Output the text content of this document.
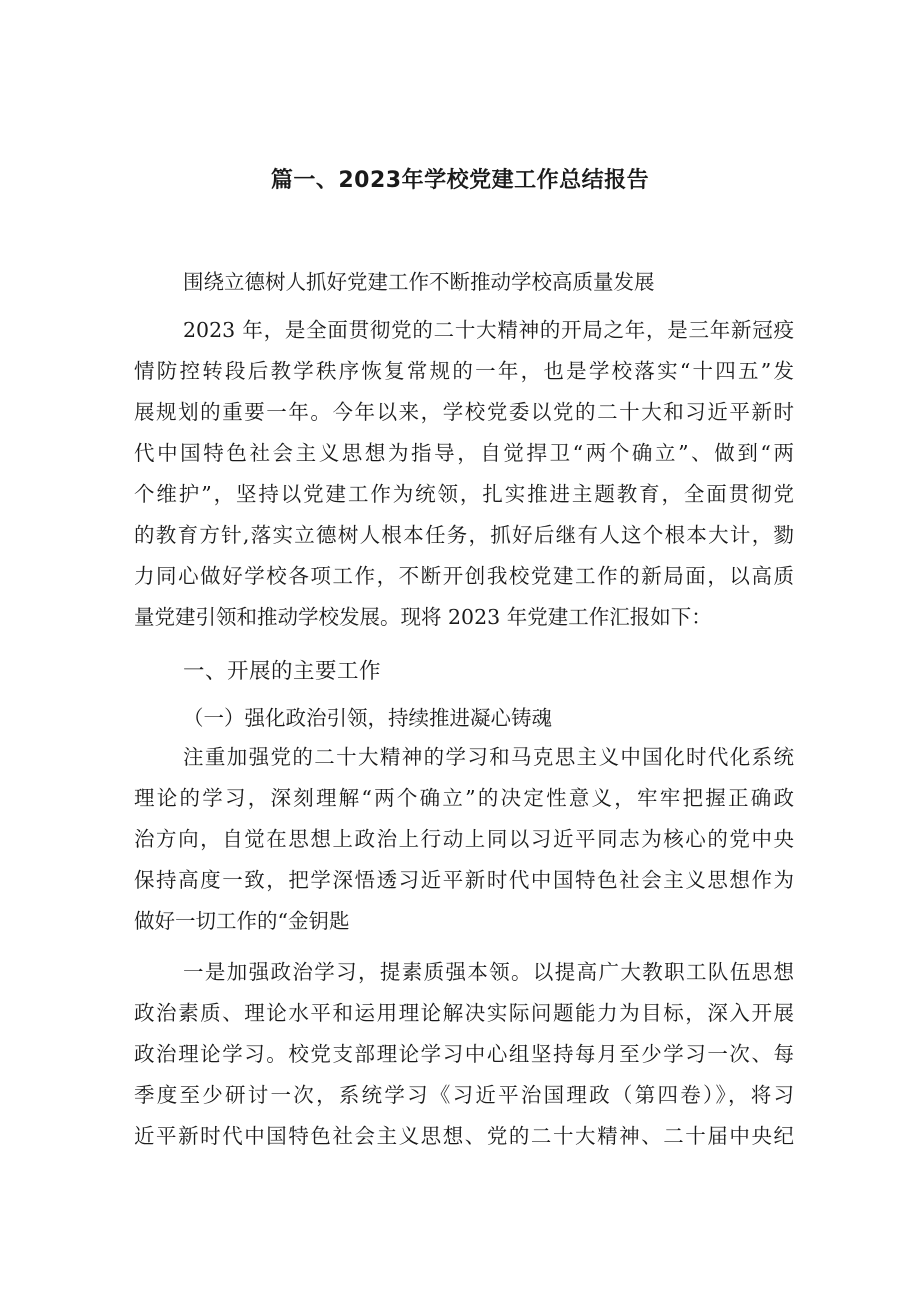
篇一、2023年学校党建工作总结报告
围绕立德树人抓好党建工作不断推动学校高质量发展
2023 年，是全面贯彻党的二十大精神的开局之年，是三年新冠疫
情防控转段后教学秩序恢复常规的一年，也是学校落实“十四五”发
展规划的重要一年。今年以来，学校党委以党的二十大和习近平新时
代中国特色社会主义思想为指导，自觉捍卫“两个确立”、做到“两
个维护”，坚持以党建工作为统领，扎实推进主题教育，全面贯彻党
的教育方针,落实立德树人根本任务，抓好后继有人这个根本大计，勠
力同心做好学校各项工作，不断开创我校党建工作的新局面，以高质
量党建引领和推动学校发展。现将 2023 年党建工作汇报如下：
一、开展的主要工作
（一）强化政治引领，持续推进凝心铸魂
注重加强党的二十大精神的学习和马克思主义中国化时代化系统
理论的学习，深刻理解“两个确立”的决定性意义，牢牢把握正确政
治方向，自觉在思想上政治上行动上同以习近平同志为核心的党中央
保持高度一致，把学深悟透习近平新时代中国特色社会主义思想作为
做好一切工作的“金钥匙
一是加强政治学习，提素质强本领。以提高广大教职工队伍思想
政治素质、理论水平和运用理论解决实际问题能力为目标，深入开展
政治理论学习。校党支部理论学习中心组坚持每月至少学习一次、每
季度至少研讨一次，系统学习《习近平治国理政（第四卷）》，将习
近平新时代中国特色社会主义思想、党的二十大精神、二十届中央纪
